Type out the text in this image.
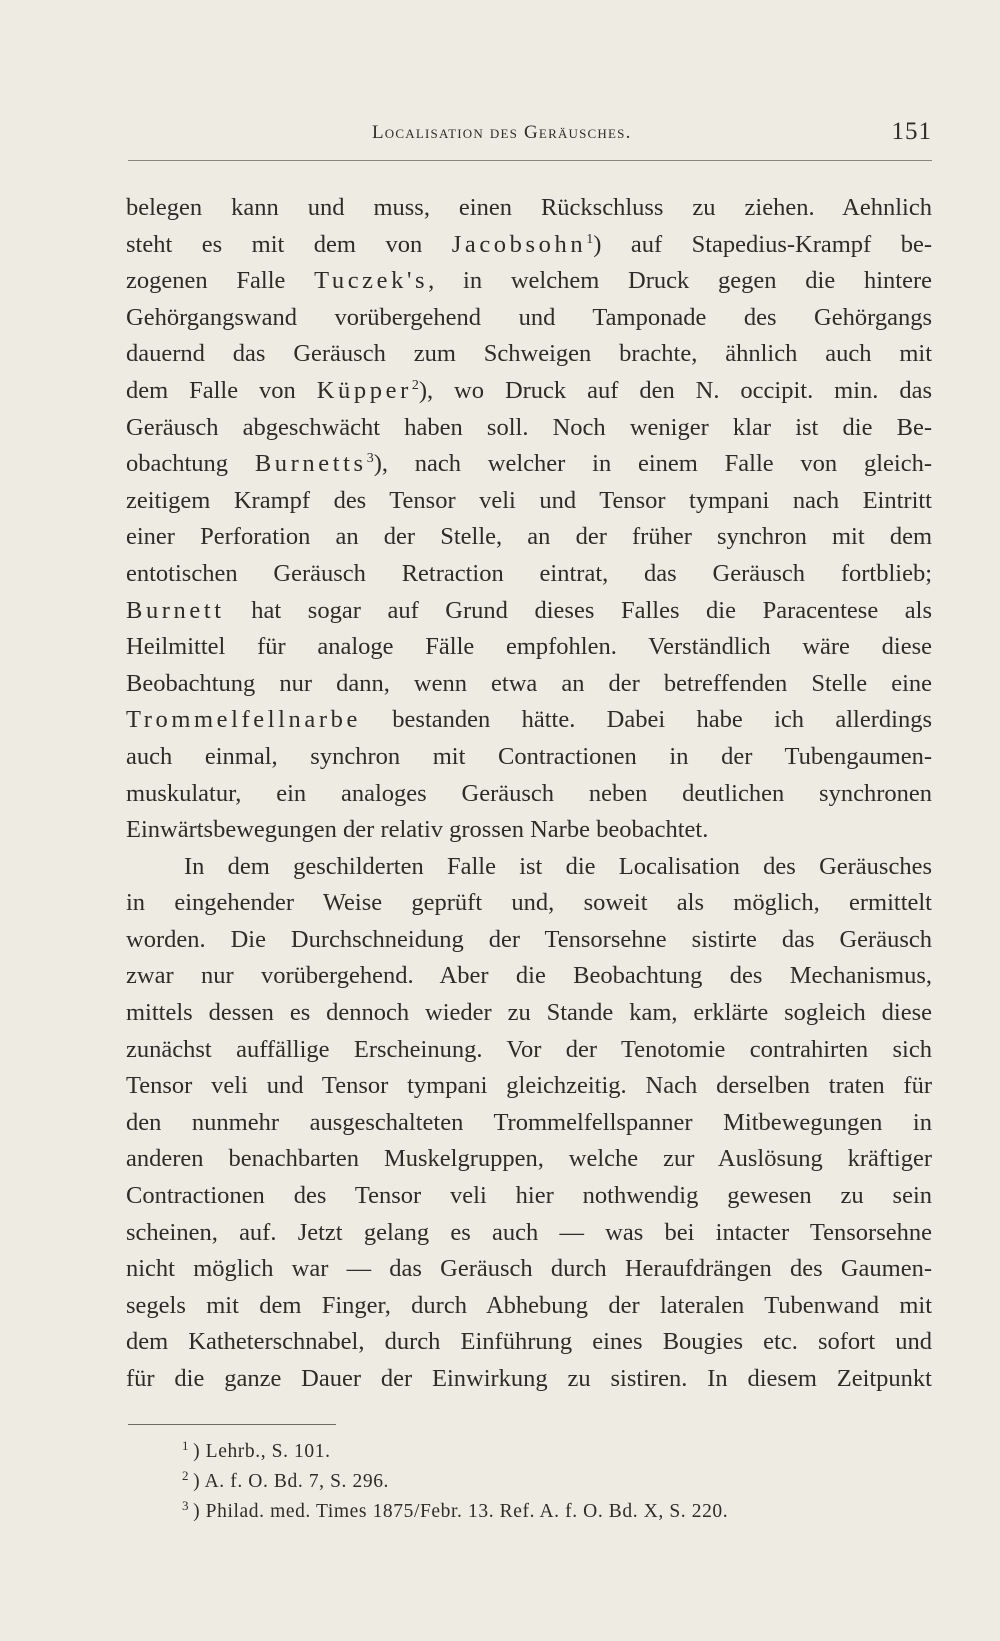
Localisation des Geräusches.	151
belegen kann und muss, einen Rückschluss zu ziehen. Aehnlich
steht es mit dem von Jacobsohn$^1$) auf Stapedius-Krampf be-
zogenen Falle Tuczek's, in welchem Druck gegen die hintere
Gehörgangswand vorübergehend und Tamponade des Gehörgangs
dauernd das Geräusch zum Schweigen brachte, ähnlich auch mit
dem Falle von Küpper$^2$), wo Druck auf den N. occipit. min. das
Geräusch abgeschwächt haben soll. Noch weniger klar ist die Be-
obachtung Burnetts$^3$), nach welcher in einem Falle von gleich-
zeitigem Krampf des Tensor veli und Tensor tympani nach Eintritt
einer Perforation an der Stelle, an der früher synchron mit dem
entotischen Geräusch Retraction eintrat, das Geräusch fortblieb;
Burnett hat sogar auf Grund dieses Falles die Paracentese als
Heilmittel für analoge Fälle empfohlen. Verständlich wäre diese
Beobachtung nur dann, wenn etwa an der betreffenden Stelle eine
Trommelfellnarbe bestanden hätte. Dabei habe ich allerdings
auch einmal, synchron mit Contractionen in der Tubengaumen-
muskulatur, ein analoges Geräusch neben deutlichen synchronen
Einwärtsbewegungen der relativ grossen Narbe beobachtet.
In dem geschilderten Falle ist die Localisation des Geräusches
in eingehender Weise geprüft und, soweit als möglich, ermittelt
worden. Die Durchschneidung der Tensorsehne sistirte das Geräusch
zwar nur vorübergehend. Aber die Beobachtung des Mechanismus,
mittels dessen es dennoch wieder zu Stande kam, erklärte sogleich diese
zunächst auffällige Erscheinung. Vor der Tenotomie contrahirten sich
Tensor veli und Tensor tympani gleichzeitig. Nach derselben traten für
den nunmehr ausgeschalteten Trommelfellspanner Mitbewegungen in
anderen benachbarten Muskelgruppen, welche zur Auslösung kräftiger
Contractionen des Tensor veli hier nothwendig gewesen zu sein
scheinen, auf. Jetzt gelang es auch — was bei intacter Tensorsehne
nicht möglich war — das Geräusch durch Heraufdrängen des Gaumen-
segels mit dem Finger, durch Abhebung der lateralen Tubenwand mit
dem Katheterschnabel, durch Einführung eines Bougies etc. sofort und
für die ganze Dauer der Einwirkung zu sistiren. In diesem Zeitpunkt
$^1$ ) Lehrb., S. 101.
$^2$ ) A. f. O. Bd. 7, S. 296.
$^3$ ) Philad. med. Times 1875/Febr. 13. Ref. A. f. O. Bd. X, S. 220.
